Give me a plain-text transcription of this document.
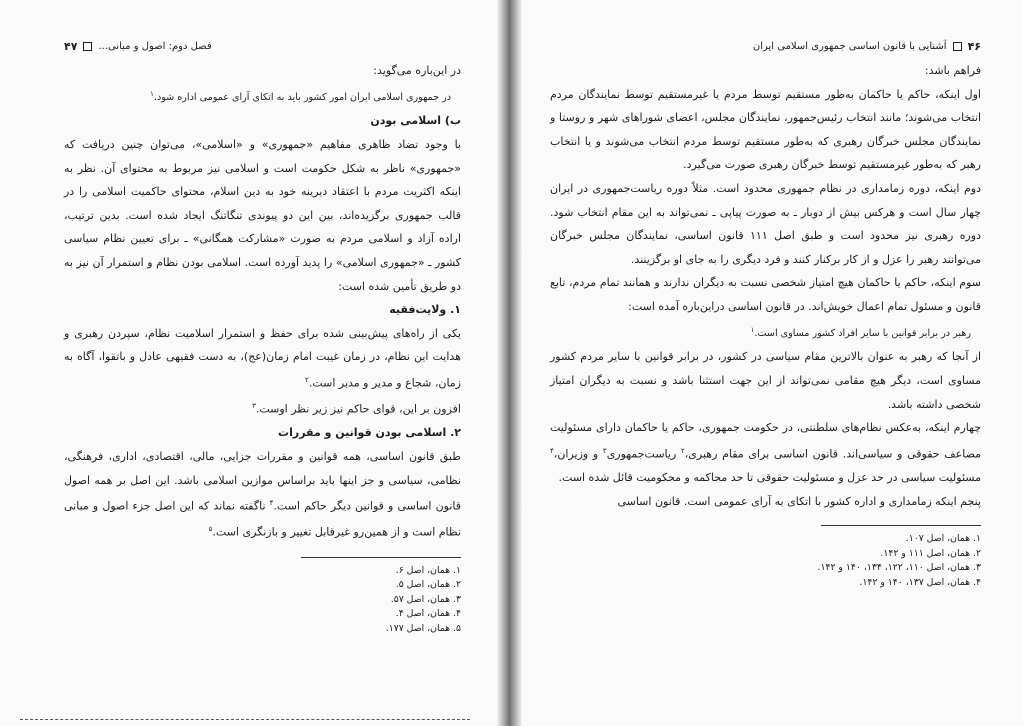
فصل دوم: اصول و مبانی...
۴۷

در این‌باره می‌گوید:

در جمهوری اسلامی ایران امور کشور باید به اتکای آرای عمومی اداره شود.$^۱$

ب) اسلامی بودن

با وجود تضاد ظاهری مفاهیم «جمهوری» و «اسلامی»، می‌توان چنین دریافت که «جمهوری» ناظر به شکل حکومت است و اسلامی نیز مربوط به محتوای آن. نظر به اینکه اکثریت مردم با اعتقاد دیرینه خود به دین اسلام، محتوای حاکمیت اسلامی را در قالب جمهوری برگزیده‌اند، بین این دو پیوندی تنگاتنگ ایجاد شده است. بدین ترتیب، اراده آزاد و اسلامی مردم به صورت «مشارکت همگانی» ـ برای تعیین نظام سیاسی کشور ـ «جمهوری اسلامی» را پدید آورده است. اسلامی بودن نظام و استمرار آن نیز به دو طریق تأمین شده است:

۱. ولایت‌فقیه

یکی از راه‌های پیش‌بینی شده برای حفظ و استمرار اسلامیت نظام، سپردن رهبری و هدایت این نظام، در زمان غیبت امام زمان(عج)، به دست فقیهی عادل و باتقوا، آگاه به زمان، شجاع و مدیر و مدبر است.$^۲$

افزون بر این، قوای حاکم نیز زیر نظر اوست.$^۳$

۲. اسلامی بودن قوانین و مقررات

طبق قانون اساسی، همه قوانین و مقررات جزایی، مالی، اقتصادی، اداری، فرهنگی، نظامی، سیاسی و جز اینها باید براساس موازین اسلامی باشد. این اصل بر همه اصول قانون اساسی و قوانین دیگر حاکم است.$^۴$ ناگفته نماند که این اصل جزء اصول و مبانی نظام است و از همین‌رو غیرقابل تغییر و بازنگری است.$^۵$

۱. همان، اصل ۶.
۲. همان، اصل ۵.
۳. همان، اصل ۵۷.
۴. همان، اصل ۴.
۵. همان، اصل ۱۷۷.
۴۶
آشنایی با قانون اساسی جمهوری اسلامی ایران

فراهم باشد:

اول اینکه، حاکم یا حاکمان به‌طور مستقیم توسط مردم یا غیرمستقیم توسط نمایندگان مردم انتخاب می‌شوند؛ مانند انتخاب رئیس‌جمهور، نمایندگان مجلس، اعضای شوراهای شهر و روستا و نمایندگان مجلس خبرگان رهبری که به‌طور مستقیم توسط مردم انتخاب می‌شوند و یا انتخاب رهبر که به‌طور غیرمستقیم توسط خبرگان رهبری صورت می‌گیرد.

دوم اینکه، دوره زمامداری در نظام جمهوری محدود است. مثلاً دوره ریاست‌جمهوری در ایران چهار سال است و هرکس بیش از دوبار ـ به صورت پیاپی ـ نمی‌تواند به این مقام انتخاب شود. دوره رهبری نیز محدود است و طبق اصل ۱۱۱ قانون اساسی، نمایندگان مجلس خبرگان می‌توانند رهبر را عزل و از کار برکنار کنند و فرد دیگری را به جای او برگزینند.

سوم اینکه، حاکم یا حاکمان هیچ امتیاز شخصی نسبت به دیگران ندارند و همانند تمام مردم، تابع قانون و مسئول تمام اعمال خویش‌اند. در قانون اساسی دراین‌باره آمده است:

رهبر در برابر قوانین با سایر افراد کشور مساوی است.$^۱$

از آنجا که رهبر به عنوان بالاترین مقام سیاسی در کشور، در برابر قوانین با سایر مردم کشور مساوی است، دیگر هیچ مقامی نمی‌تواند از این جهت استثنا باشد و نسبت به دیگران امتیاز شخصی داشته باشد.

چهارم اینکه، به‌عکس نظام‌های سلطنتی، در حکومت جمهوری، حاکم یا حاکمان دارای مسئولیت مضاعف حقوقی و سیاسی‌اند. قانون اساسی برای مقام رهبری،$^۲$ ریاست‌جمهوری$^۳$ و وزیران،$^۴$ مسئولیت سیاسی در حد عزل و مسئولیت حقوقی تا حد محاکمه و محکومیت قائل شده است.

پنجم اینکه زمامداری و اداره کشور با اتکای به آرای عمومی است. قانون اساسی

۱. همان، اصل ۱۰۷.
۲. همان، اصل ۱۱۱ و ۱۴۲.
۳. همان، اصل ۱۱۰، ۱۲۲، ۱۳۴، ۱۴۰ و ۱۴۲.
۴. همان، اصل ۱۳۷، ۱۴۰ و ۱۴۲.
